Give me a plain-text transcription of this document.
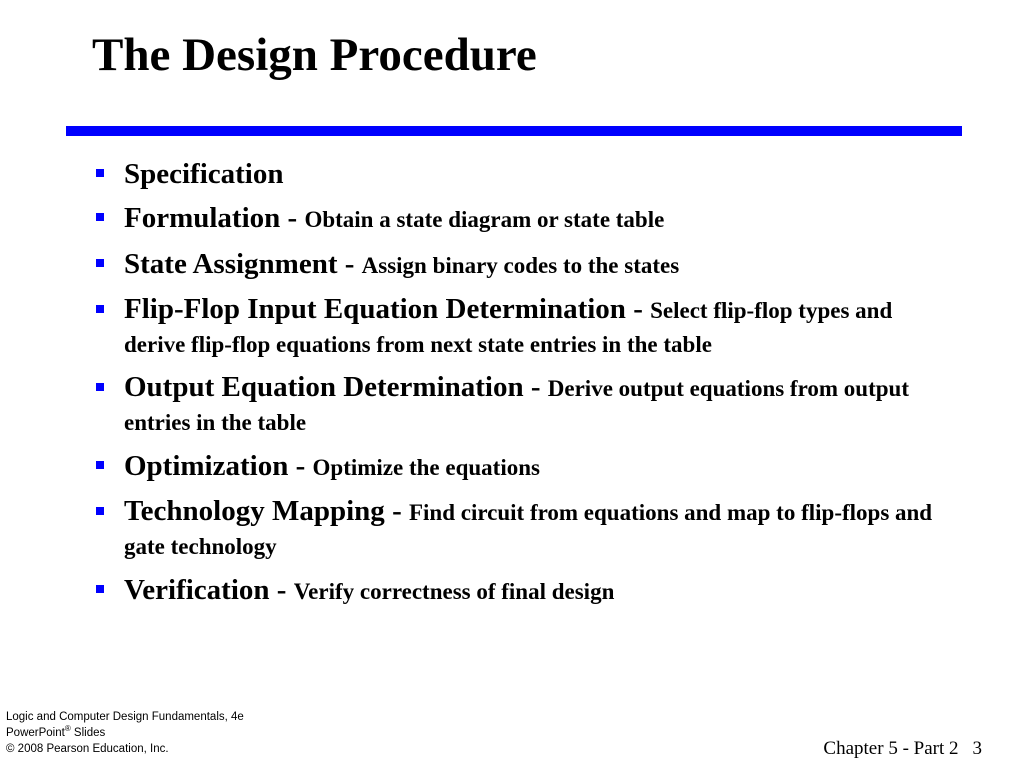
The Design Procedure
Specification
Formulation - Obtain a state diagram or state table
State Assignment - Assign binary codes to the states
Flip-Flop Input Equation Determination - Select flip-flop types and derive flip-flop equations from next state entries in the table
Output Equation Determination - Derive output equations from output entries in the table
Optimization - Optimize the equations
Technology Mapping - Find circuit from equations and map to flip-flops and gate technology
Verification - Verify correctness of final design
Logic and Computer Design Fundamentals, 4e
PowerPoint® Slides
© 2008 Pearson Education, Inc.	Chapter 5 - Part 2 3
